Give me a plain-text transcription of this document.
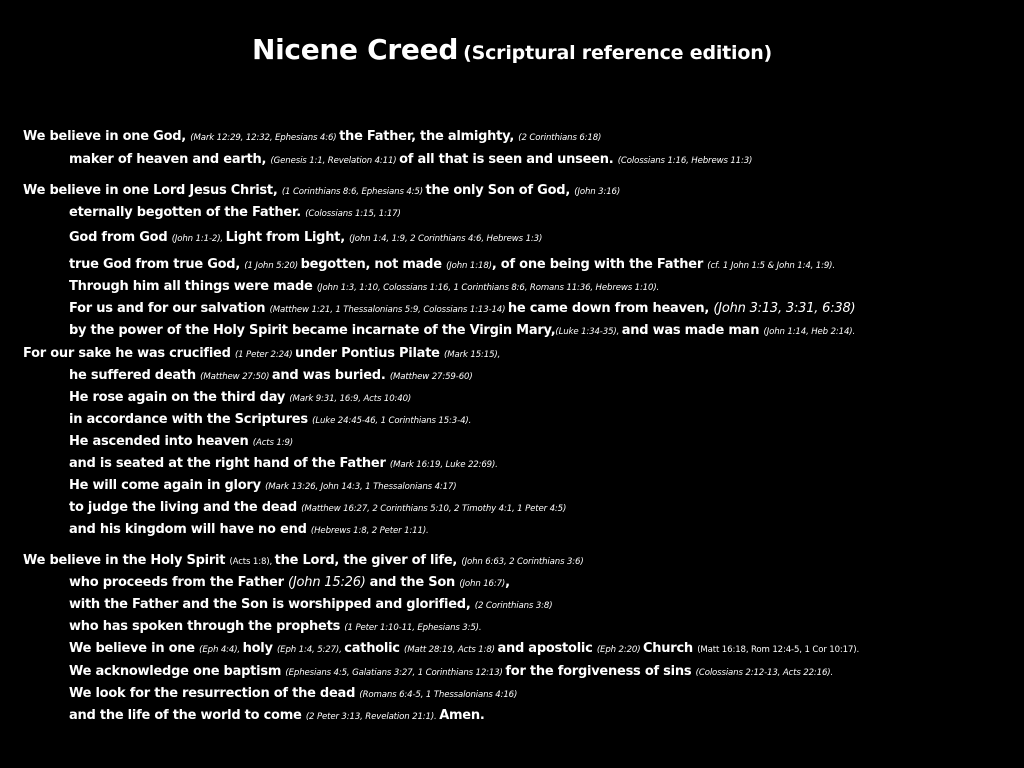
Nicene Creed (Scriptural reference edition)
We believe in one God, (Mark 12:29, 12:32, Ephesians 4:6) the Father, the almighty, (2 Corinthians 6:18)
maker of heaven and earth, (Genesis 1:1, Revelation 4:11) of all that is seen and unseen. (Colossians 1:16, Hebrews 11:3)
We believe in one Lord Jesus Christ, (1 Corinthians 8:6, Ephesians 4:5) the only Son of God, (John 3:16)
eternally begotten of the Father. (Colossians 1:15, 1:17)
God from God (John 1:1-2), Light from Light, (John 1:4, 1:9, 2 Corinthians 4:6, Hebrews 1:3)
true God from true God, (1 John 5:20) begotten, not made (John 1:18), of one being with the Father (cf. 1 John 1:5 & John 1:4, 1:9).
Through him all things were made (John 1:3, 1:10, Colossians 1:16, 1 Corinthians 8:6, Romans 11:36, Hebrews 1:10).
For us and for our salvation (Matthew 1:21, 1 Thessalonians 5:9, Colossians 1:13-14) he came down from heaven, (John 3:13, 3:31, 6:38)
by the power of the Holy Spirit became incarnate of the Virgin Mary,(Luke 1:34-35), and was made man (John 1:14, Heb 2:14).
For our sake he was crucified (1 Peter 2:24) under Pontius Pilate (Mark 15:15),
he suffered death (Matthew 27:50) and was buried. (Matthew 27:59-60)
He rose again on the third day (Mark 9:31, 16:9, Acts 10:40)
in accordance with the Scriptures (Luke 24:45-46, 1 Corinthians 15:3-4).
He ascended into heaven (Acts 1:9)
and is seated at the right hand of the Father (Mark 16:19, Luke 22:69).
He will come again in glory (Mark 13:26, John 14:3, 1 Thessalonians 4:17)
to judge the living and the dead (Matthew 16:27, 2 Corinthians 5:10, 2 Timothy 4:1, 1 Peter 4:5)
and his kingdom will have no end (Hebrews 1:8, 2 Peter 1:11).
We believe in the Holy Spirit (Acts 1:8), the Lord, the giver of life, (John 6:63, 2 Corinthians 3:6)
who proceeds from the Father (John 15:26) and the Son (John 16:7),
with the Father and the Son is worshipped and glorified, (2 Corinthians 3:8)
who has spoken through the prophets (1 Peter 1:10-11, Ephesians 3:5).
We believe in one (Eph 4:4), holy (Eph 1:4, 5:27), catholic (Matt 28:19, Acts 1:8) and apostolic (Eph 2:20) Church (Matt 16:18, Rom 12:4-5, 1 Cor 10:17).
We acknowledge one baptism (Ephesians 4:5, Galatians 3:27, 1 Corinthians 12:13) for the forgiveness of sins (Colossians 2:12-13, Acts 22:16).
We look for the resurrection of the dead (Romans 6:4-5, 1 Thessalonians 4:16)
and the life of the world to come (2 Peter 3:13, Revelation 21:1). Amen.
